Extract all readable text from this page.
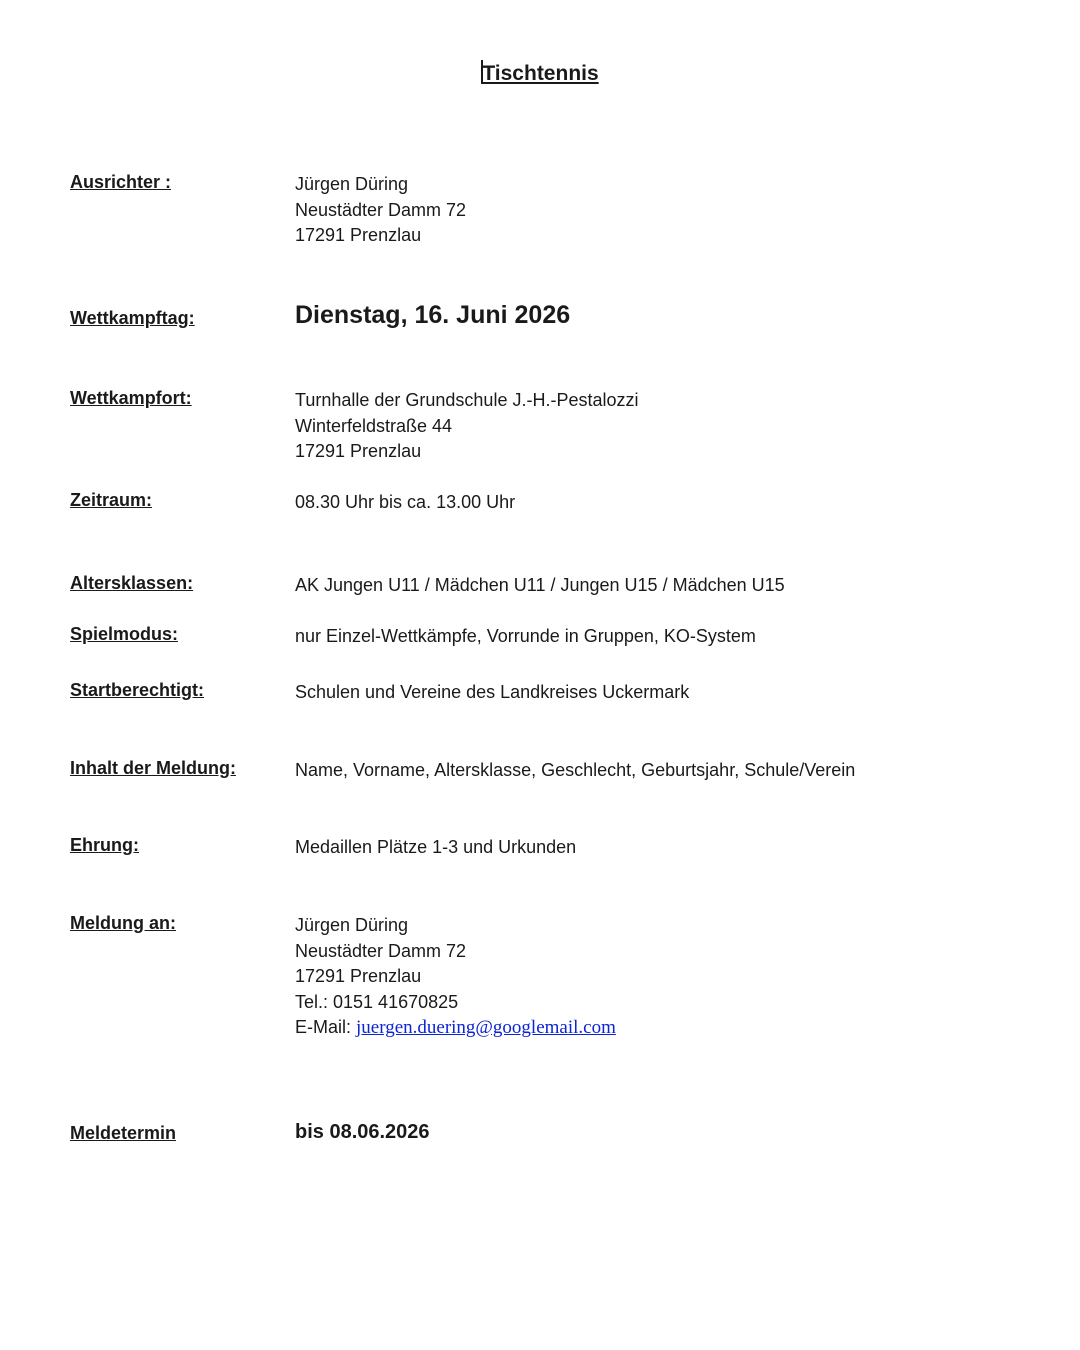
Tischtennis
Ausrichter :	Jürgen Düring
Neustädter Damm 72
17291 Prenzlau
Wettkampftag:	Dienstag, 16. Juni 2026
Wettkampfort:	Turnhalle der Grundschule J.-H.-Pestalozzi
Winterfeldstraße 44
17291 Prenzlau
Zeitraum:	08.30 Uhr bis ca. 13.00 Uhr
Altersklassen:	AK Jungen U11 / Mädchen U11 / Jungen U15 / Mädchen U15
Spielmodus:	nur Einzel-Wettkämpfe, Vorrunde in Gruppen, KO-System
Startberechtigt:	Schulen und Vereine des Landkreises Uckermark
Inhalt der Meldung:	Name, Vorname, Altersklasse, Geschlecht, Geburtsjahr, Schule/Verein
Ehrung:	Medaillen Plätze 1-3 und Urkunden
Meldung an:	Jürgen Düring
Neustädter Damm 72
17291 Prenzlau
Tel.: 0151 41670825
E-Mail: juergen.duering@googlemail.com
Meldetermin	bis 08.06.2026
